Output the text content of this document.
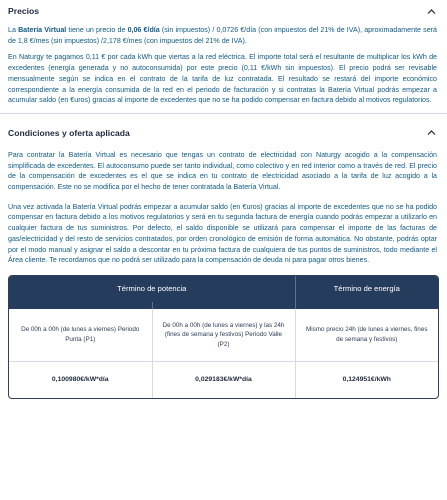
Precios

La Batería Virtual tiene un precio de 0,06 €/día (sin impuestos) / 0,0726 €/día (con impuestos del 21% de IVA), aproximadamente será de 1,8 €/mes (sin impuestos) /2,178 €/mes (con impuestos del 21% de IVA).

En Naturgy te pagamos 0,11 € por cada kWh que viertas a la red eléctrica. El importe total será el resultante de multiplicar los kWh de excedentes (energía generada y no autoconsumida) por este precio (0,11 €/kWh sin impuestos). El precio podrá ser revisable mensualmente según se indica en el contrato de la tarifa de luz contratada. El resultado se restará del importe económico correspondiente a la energía consumida de la red en el periodo de facturación y si contratas la Batería Virtual podrás empezar a acumular saldo (en €uros) gracias al importe de excedentes que no se ha podido compensar en factura debido al motivos regulatorios.

Condiciones y oferta aplicada

Para contratar la Batería Virtual es necesario que tengas un contrato de electricidad con Naturgy acogido a la compensación simplificada de excedentes. El autoconsumo puede ser tanto individual, como colectivo y en red interior como a través de red. El precio de la compensación de excedentes es el que se indica en tu contrato de electricidad asociado a la tarifa de luz acogido a la compensación. Este no se modifica por el hecho de tener contratada la Batería Virtual.

Una vez activada la Batería Virtual podrás empezar a acumular saldo (en €uros) gracias al importe de excedentes que no se ha podido compensar en factura debido a los motivos regulatorios y será en tu segunda factura de energía cuando podrás empezar a utilizarlo en cualquier factura de tus suministros. Por defecto, el saldo disponible se utilizará para compensar el importe de las facturas de gas/electricidad y del resto de servicios contratados, por orden cronológico de emisión de forma automática. No obstante, podrás optar por el modo manual y asignar el saldo a descontar en tu próxima factura de cualquiera de tus puntos de suministros, todo mediante el Área cliente. Te recordamos que no podrá ser utilizado para la compensación de deuda ni para pagar otros bienes.

Término de potencia		Término de energía

De 00h a 00h (de lunes a viernes) Periodo Punta (P1)	De 00h a 00h (de lunes a viernes) y las 24h (fines de semana y festivos) Periodo Valle (P2)	Mismo precio 24h (de lunes a viernes, fines de semana y festivos)
0,100980€/kW*día	0,029183€/kW*día	0,124951€/kWh
